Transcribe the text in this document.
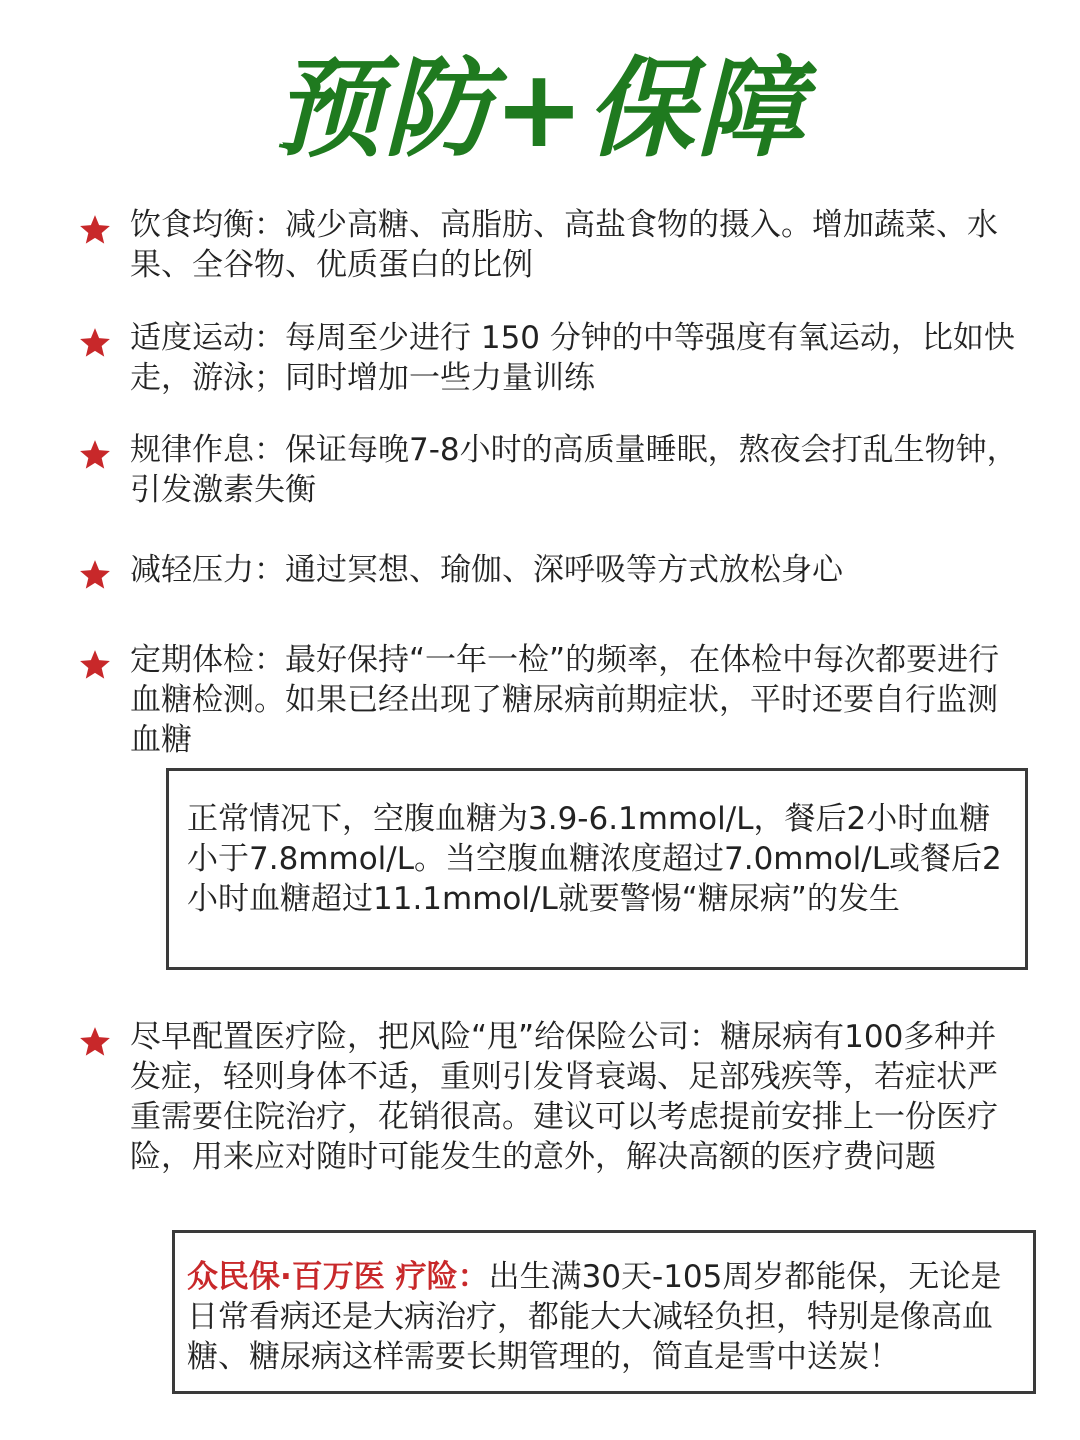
预防+保障
饮食均衡：减少高糖、高脂肪、高盐食物的摄入。增加蔬菜、水果、全谷物、优质蛋白的比例
适度运动：每周至少进行 150 分钟的中等强度有氧运动，比如快走，游泳；同时增加一些力量训练
规律作息：保证每晚7-8小时的高质量睡眠，熬夜会打乱生物钟，引发激素失衡
减轻压力：通过冥想、瑜伽、深呼吸等方式放松身心
定期体检：最好保持“一年一检”的频率，在体检中每次都要进行血糖检测。如果已经出现了糖尿病前期症状，平时还要自行监测血糖
正常情况下，空腹血糖为3.9-6.1mmol/L，餐后2小时血糖小于7.8mmol/L。当空腹血糖浓度超过7.0mmol/L或餐后2小时血糖超过11.1mmol/L就要警惕“糖尿病”的发生
尽早配置医疗险，把风险“甩”给保险公司：糖尿病有100多种并发症，轻则身体不适，重则引发肾衰竭、足部残疾等，若症状严重需要住院治疗，花销很高。建议可以考虑提前安排上一份医疗险，用来应对随时可能发生的意外，解决高额的医疗费问题
众民保·百万医 疗险：出生满30天-105周岁都能保，无论是日常看病还是大病治疗，都能大大减轻负担，特别是像高血糖、糖尿病这样需要长期管理的，简直是雪中送炭！
